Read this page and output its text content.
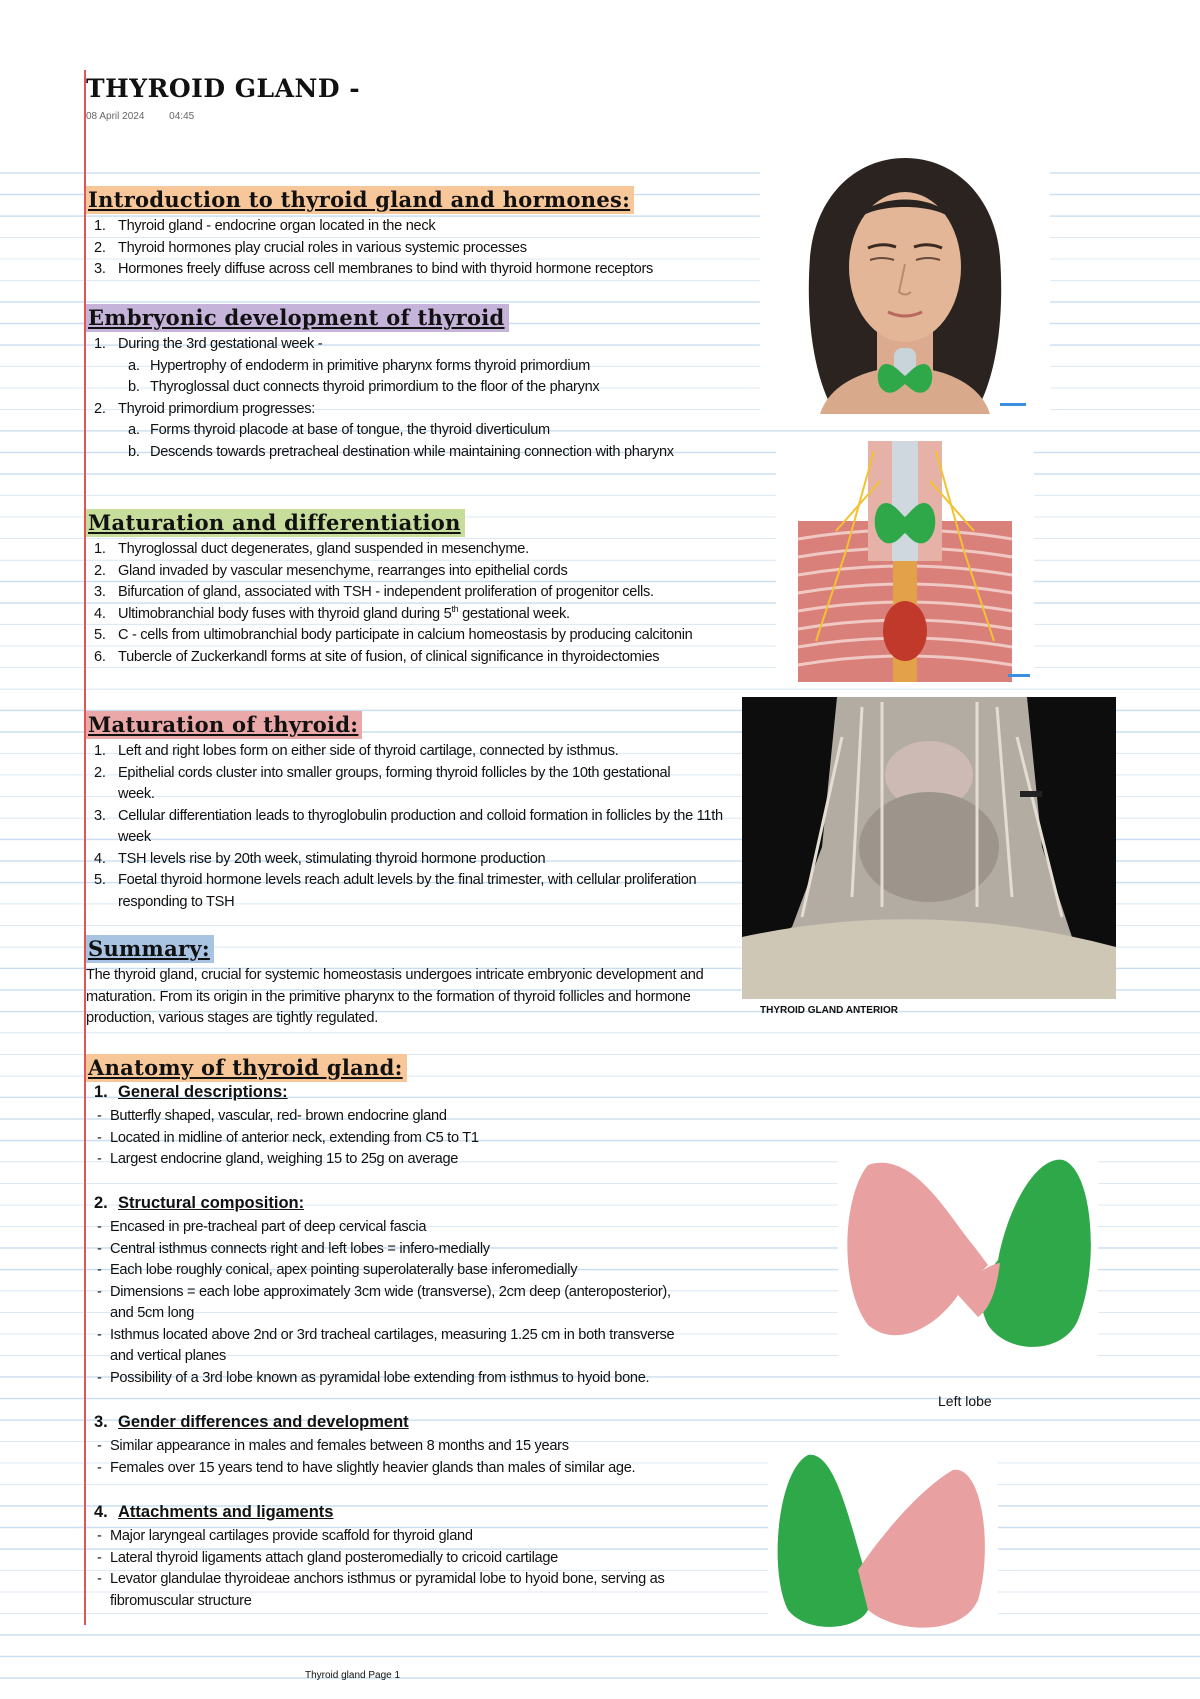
THYROID GLAND -
08 April 2024 04:45
Introduction to thyroid gland and hormones:
1. Thyroid gland - endocrine organ located in the neck
2. Thyroid hormones play crucial roles in various systemic processes
3. Hormones freely diffuse across cell membranes to bind with thyroid hormone receptors
Embryonic development of thyroid
1. During the 3rd gestational week -
a. Hypertrophy of endoderm in primitive pharynx forms thyroid primordium
b. Thyroglossal duct connects thyroid primordium to the floor of the pharynx
2. Thyroid primordium progresses:
a. Forms thyroid placode at base of tongue, the thyroid diverticulum
b. Descends towards pretracheal destination while maintaining connection with pharynx
Maturation and differentiation
1. Thyroglossal duct degenerates, gland suspended in mesenchyme.
2. Gland invaded by vascular mesenchyme, rearranges into epithelial cords
3. Bifurcation of gland, associated with TSH - independent proliferation of progenitor cells.
4. Ultimobranchial body fuses with thyroid gland during 5th gestational week.
5. C - cells from ultimobranchial body participate in calcium homeostasis by producing calcitonin
6. Tubercle of Zuckerkandl forms at site of fusion, of clinical significance in thyroidectomies
Maturation of thyroid:
1. Left and right lobes form on either side of thyroid cartilage, connected by isthmus.
2. Epithelial cords cluster into smaller groups, forming thyroid follicles by the 10th gestational week.
3. Cellular differentiation leads to thyroglobulin production and colloid formation in follicles by the 11th week
4. TSH levels rise by 20th week, stimulating thyroid hormone production
5. Foetal thyroid hormone levels reach adult levels by the final trimester, with cellular proliferation responding to TSH
Summary:
The thyroid gland, crucial for systemic homeostasis undergoes intricate embryonic development and maturation. From its origin in the primitive pharynx to the formation of thyroid follicles and hormone production, various stages are tightly regulated.
Anatomy of thyroid gland:
1. General descriptions:
- Butterfly shaped, vascular, red- brown endocrine gland
- Located in midline of anterior neck, extending from C5 to T1
- Largest endocrine gland, weighing 15 to 25g on average
2. Structural composition:
- Encased in pre-tracheal part of deep cervical fascia
- Central isthmus connects right and left lobes = infero-medially
- Each lobe roughly conical, apex pointing superolaterally base inferomedially
- Dimensions = each lobe approximately 3cm wide (transverse), 2cm deep (anteroposterior), and 5cm long
- Isthmus located above 2nd or 3rd tracheal cartilages, measuring 1.25 cm in both transverse and vertical planes
- Possibility of a 3rd lobe known as pyramidal lobe extending from isthmus to hyoid bone.
3. Gender differences and development
- Similar appearance in males and females between 8 months and 15 years
- Females over 15 years tend to have slightly heavier glands than males of similar age.
4. Attachments and ligaments
- Major laryngeal cartilages provide scaffold for thyroid gland
- Lateral thyroid ligaments attach gland posteromedially to cricoid cartilage
- Levator glandulae thyroideae anchors isthmus or pyramidal lobe to hyoid bone, serving as fibromuscular structure
THYROID GLAND ANTERIOR
Left lobe
Thyroid gland Page 1
